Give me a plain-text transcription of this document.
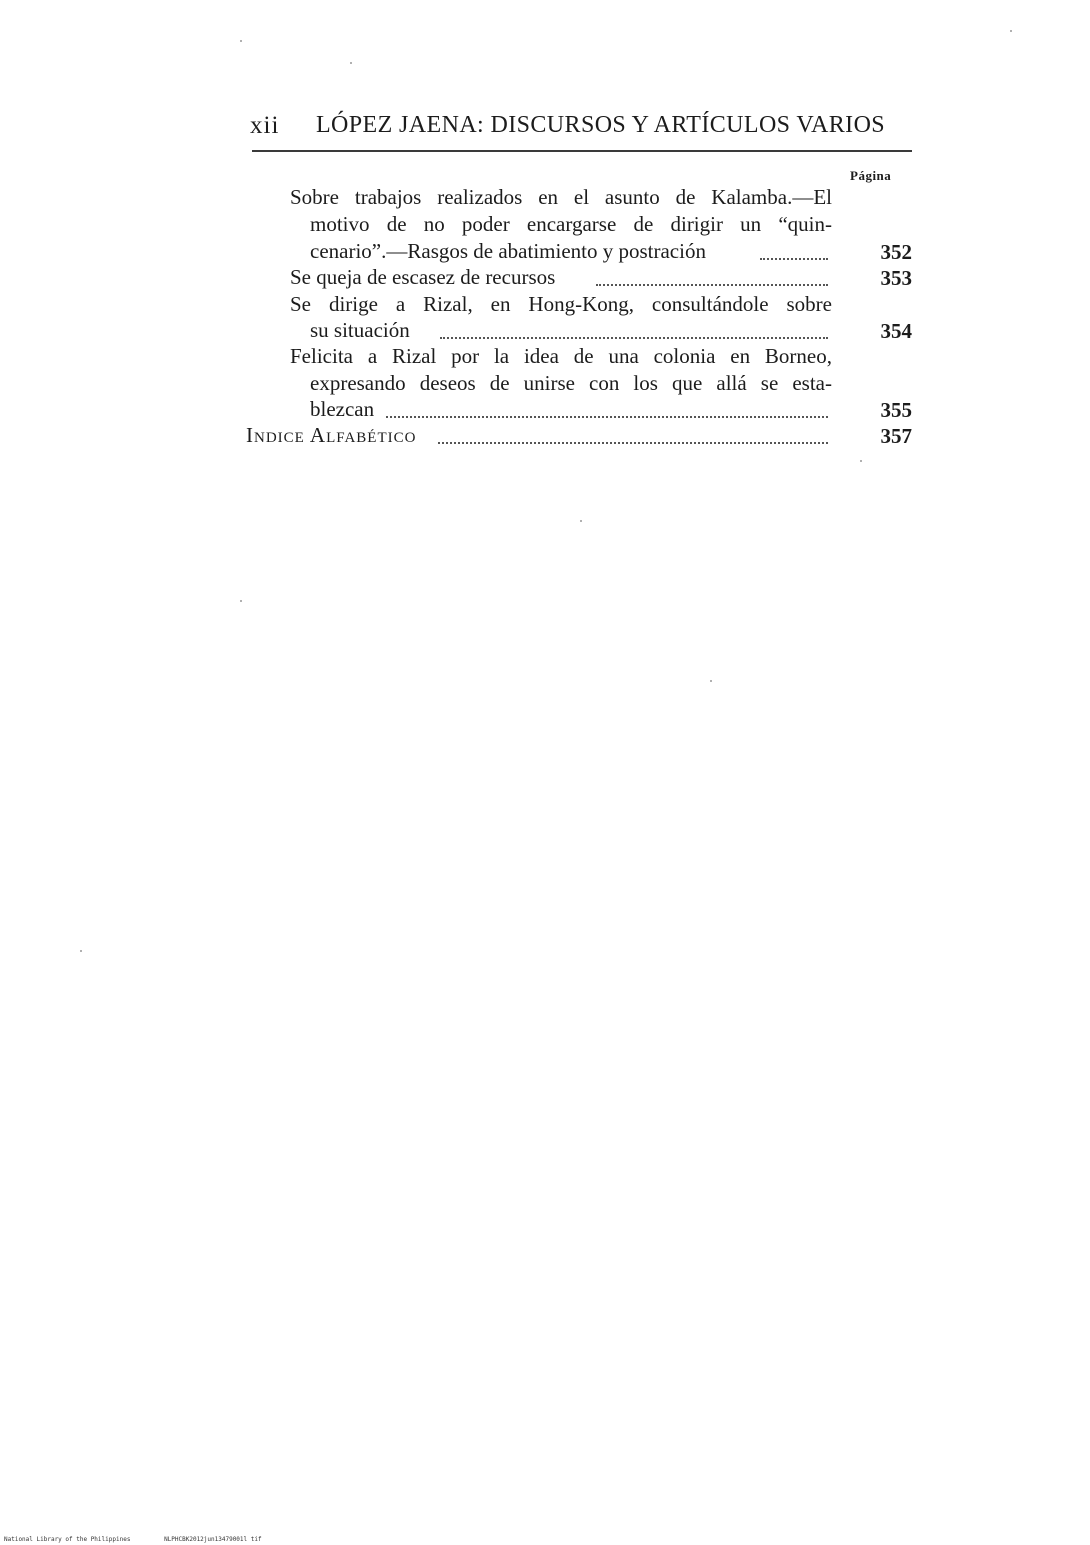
xii LÓPEZ JAENA: DISCURSOS Y ARTÍCULOS VARIOS
Página
Sobre trabajos realizados en el asunto de Kalamba.—El
motivo de no poder encargarse de dirigir un “quin-
cenario”.—Rasgos de abatimiento y postración	352
Se queja de escasez de recursos	353
Se dirige a Rizal, en Hong-Kong, consultándole sobre
su situación	354
Felicita a Rizal por la idea de una colonia en Borneo,
expresando deseos de unirse con los que allá se esta-
blezcan	355
Indice Alfabético	357
National Library of the Philippines	NLPHCBK2012jun13479001l tif
